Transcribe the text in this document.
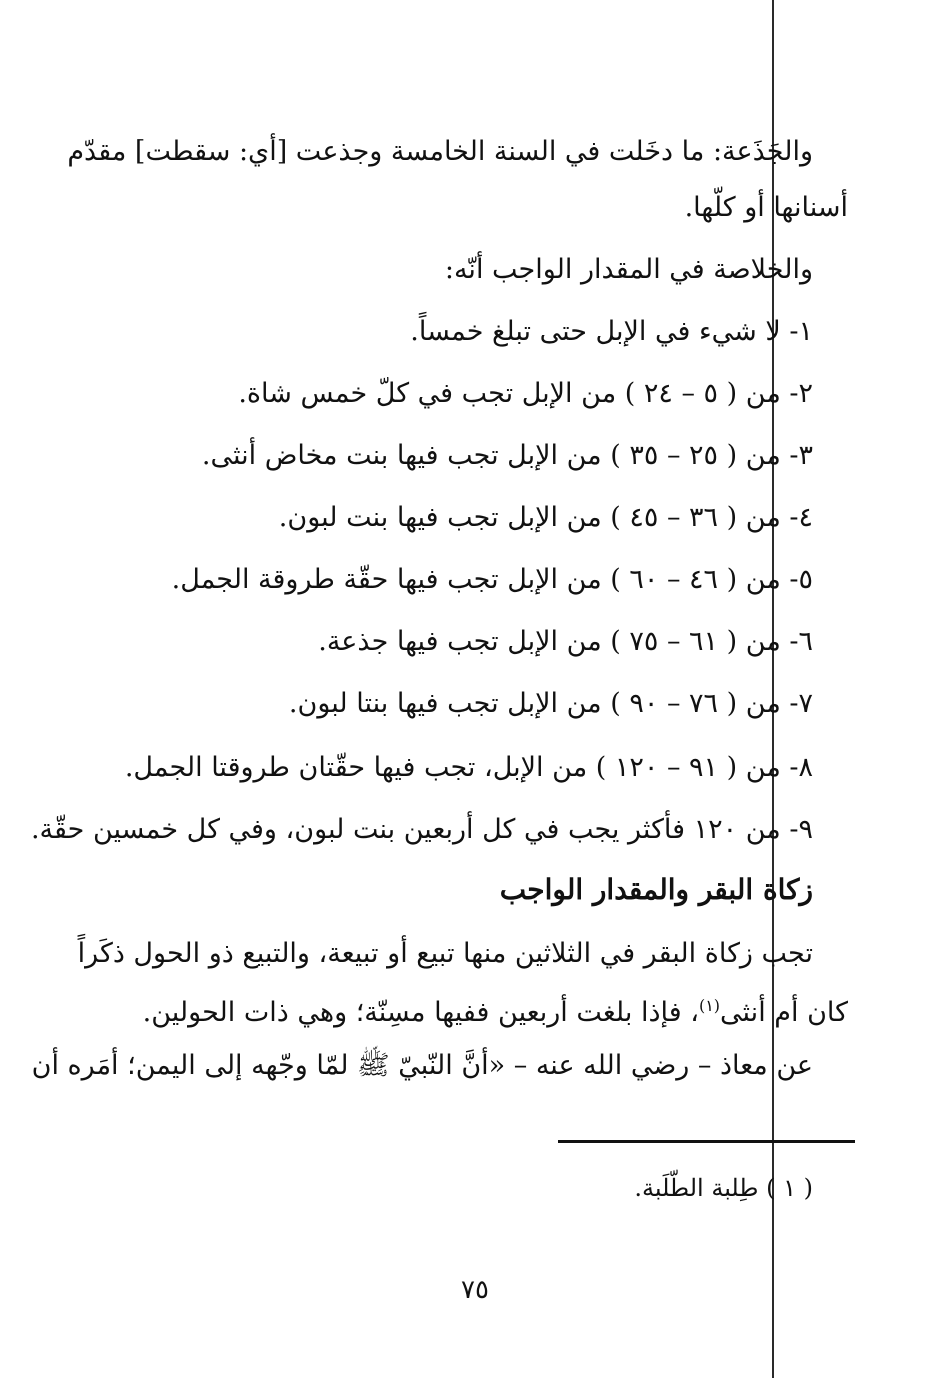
والجَذَعة: ما دخَلت في السنة الخامسة وجذعت [أي: سقطت] مقدّم
أسنانها أو كلّها.
والخلاصة في المقدار الواجب أنّه:
١- لا شيء في الإبل حتى تبلغ خمساً.
٢- من ( ٥ – ٢٤ ) من الإبل تجب في كلّ خمس شاة.
٣- من ( ٢٥ – ٣٥ ) من الإبل تجب فيها بنت مخاض أنثى.
٤- من ( ٣٦ – ٤٥ ) من الإبل تجب فيها بنت لبون.
٥- من ( ٤٦ – ٦٠ ) من الإبل تجب فيها حقّة طروقة الجمل.
٦- من ( ٦١ – ٧٥ ) من الإبل تجب فيها جذعة.
٧- من ( ٧٦ – ٩٠ ) من الإبل تجب فيها بنتا لبون.
٨- من ( ٩١ – ١٢٠ ) من الإبل، تجب فيها حقّتان طروقتا الجمل.
٩- من ١٢٠ فأكثر يجب في كل أربعين بنت لبون، وفي كل خمسين حقّة.
زكاة البقر والمقدار الواجب
تجب زكاة البقر في الثلاثين منها تبيع أو تبيعة، والتبيع ذو الحول ذكَراً
كان أم أنثى$^{(١)}$، فإذا بلغت أربعين ففيها مسِنّة؛ وهي ذات الحولين.
عن معاذ – رضي الله عنه – «أنَّ النّبيّ ﷺ لمّا وجّهه إلى اليمن؛ أمَره أن
( ١ ) طِلبة الطّلَبة.
٧٥
